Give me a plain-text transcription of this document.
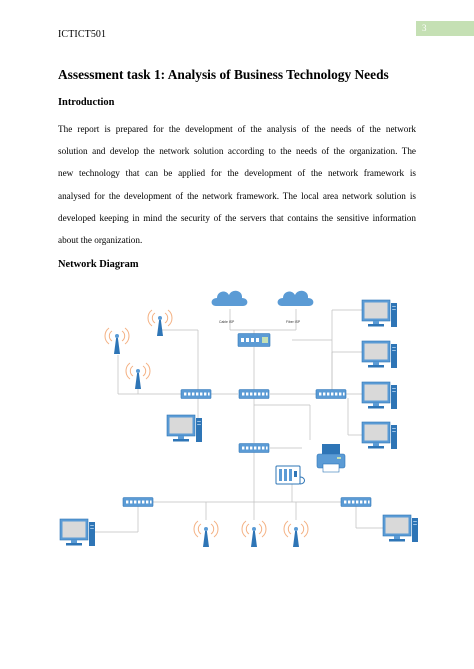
ICTICT501
3
Assessment task 1: Analysis of Business Technology Needs
Introduction
The report is prepared for the development of the analysis of the needs of the network
solution and develop the network solution according to the needs of the organization. The
new technology that can be applied for the development of the network framework is
analysed for the development of the network framework. The local area network solution is
developed keeping in mind the security of the servers that contains the sensitive information
about the organization.
Network Diagram
Cable ISP	Fiber ISP
